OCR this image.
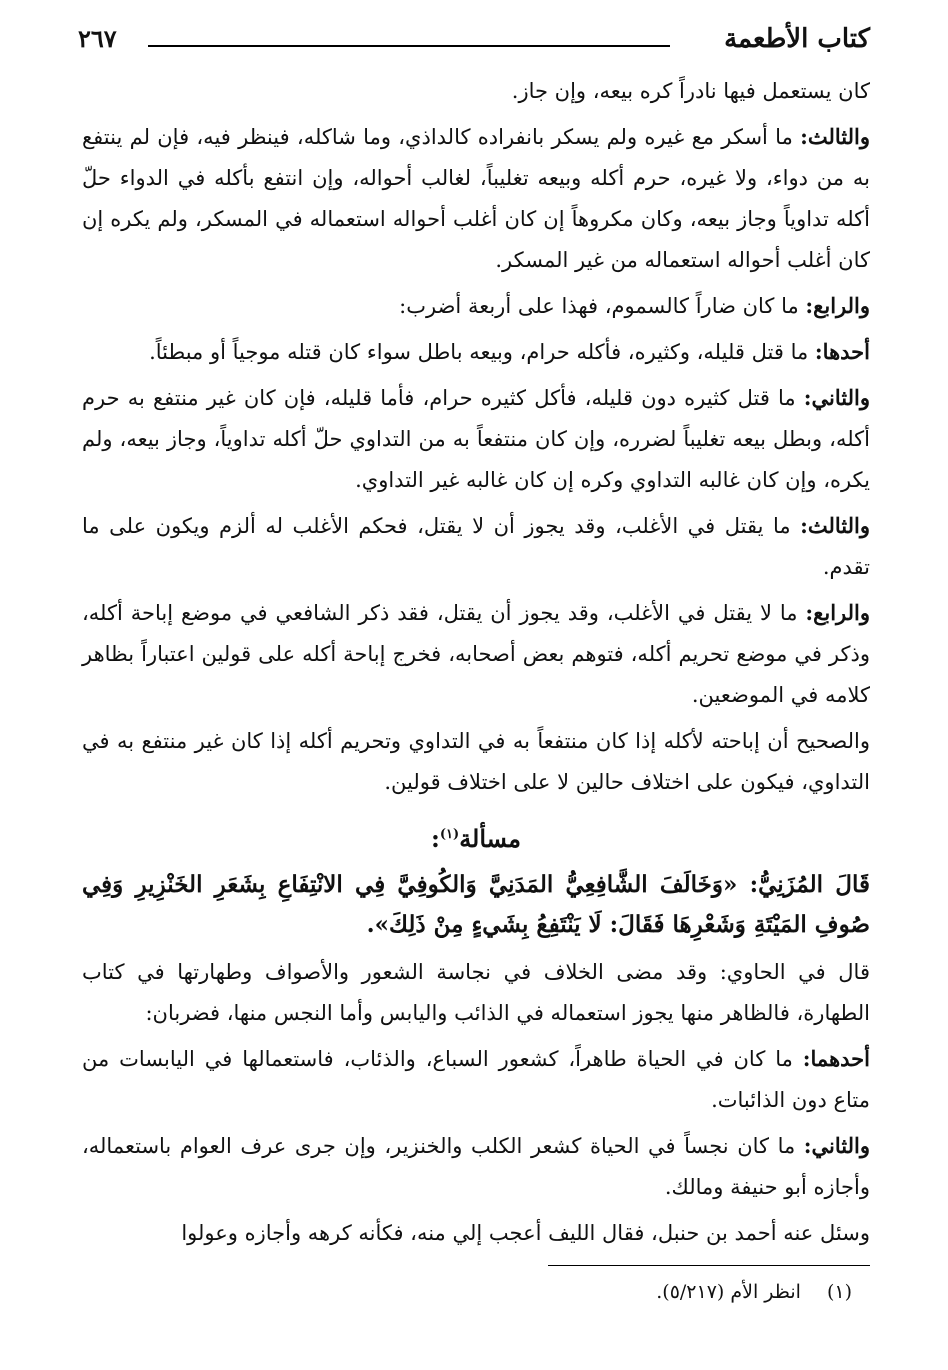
كتاب الأطعمة
٢٦٧

كان يستعمل فيها نادراً كره بيعه، وإن جاز.

والثالث: ما أسكر مع غيره ولم يسكر بانفراده كالداذي، وما شاكله، فينظر فيه، فإن لم ينتفع به من دواء، ولا غيره، حرم أكله وبيعه تغليباً، لغالب أحواله، وإن انتفع بأكله في الدواء حلّ أكله تداوياً وجاز بيعه، وكان مكروهاً إن كان أغلب أحواله استعماله في المسكر، ولم يكره إن كان أغلب أحواله استعماله من غير المسكر.

والرابع: ما كان ضاراً كالسموم، فهذا على أربعة أضرب:

أحدها: ما قتل قليله، وكثيره، فأكله حرام، وبيعه باطل سواء كان قتله موجياً أو مبطئاً.

والثاني: ما قتل كثيره دون قليله، فأكل كثيره حرام، فأما قليله، فإن كان غير منتفع به حرم أكله، وبطل بيعه تغليباً لضرره، وإن كان منتفعاً به من التداوي حلّ أكله تداوياً، وجاز بيعه، ولم يكره، وإن كان غالبه التداوي وكره إن كان غالبه غير التداوي.

والثالث: ما يقتل في الأغلب، وقد يجوز أن لا يقتل، فحكم الأغلب له ألزم ويكون على ما تقدم.

والرابع: ما لا يقتل في الأغلب، وقد يجوز أن يقتل، فقد ذكر الشافعي في موضع إباحة أكله، وذكر في موضع تحريم أكله، فتوهم بعض أصحابه، فخرج إباحة أكله على قولين اعتباراً بظاهر كلامه في الموضعين.

والصحيح أن إباحته لأكله إذا كان منتفعاً به في التداوي وتحريم أكله إذا كان غير منتفع به في التداوي، فيكون على اختلاف حالين لا على اختلاف قولين.

مسألة$^{(١)}$:

قَالَ المُزَنِيُّ: «وَخَالَفَ الشَّافِعِيُّ المَدَنِيَّ وَالكُوفِيَّ فِي الانْتِفَاعِ بِشَعَرِ الخَنْزِيرِ وَفِي صُوفِ المَيْتَةِ وَشَعْرِهَا فَقَالَ: لَا يَنْتَفِعُ بِشَيءٍ مِنْ ذَلِكَ».

قال في الحاوي: وقد مضى الخلاف في نجاسة الشعور والأصواف وطهارتها في كتاب الطهارة، فالظاهر منها يجوز استعماله في الذائب واليابس وأما النجس منها، فضربان:

أحدهما: ما كان في الحياة طاهراً، كشعور السباع، والذئاب، فاستعمالها في اليابسات من متاع دون الذائبات.

والثاني: ما كان نجساً في الحياة كشعر الكلب والخنزير، وإن جرى عرف العوام باستعماله، وأجازه أبو حنيفة ومالك.

وسئل عنه أحمد بن حنبل، فقال الليف أعجب إلي منه، فكأنه كرهه وأجازه وعولوا

(١)انظر الأم (٥/٢١٧).
